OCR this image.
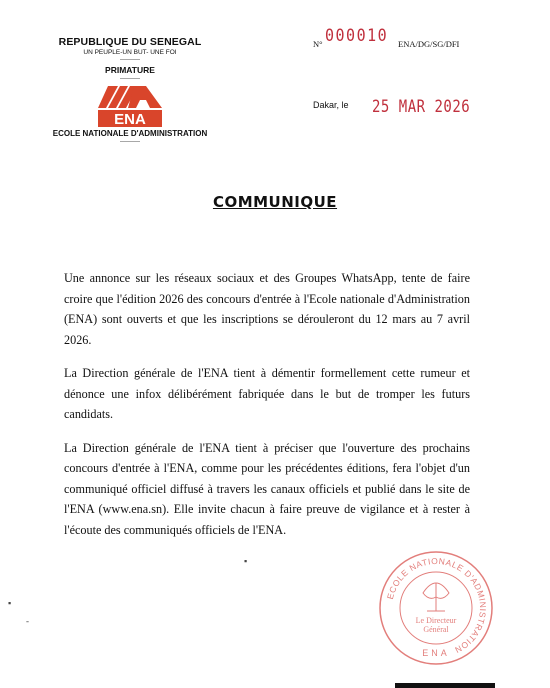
REPUBLIQUE DU SENEGAL
UN PEUPLE-UN BUT- UNE FOI
----------
PRIMATURE
----------
ENA
ECOLE NATIONALE D'ADMINISTRATION
----------
N° 000010 ENA/DG/SG/DFI
Dakar, le 25 MAR 2026
COMMUNIQUE

Une annonce sur les réseaux sociaux et des Groupes WhatsApp, tente de faire croire que l'édition 2026 des concours d'entrée à l'Ecole nationale d'Administration (ENA) sont ouverts et que les inscriptions se dérouleront du 12 mars au 7 avril 2026.

La Direction générale de l'ENA tient à démentir formellement cette rumeur et dénonce une infox délibérément fabriquée dans le but de tromper les futurs candidats.

La Direction générale de l'ENA tient à préciser que l'ouverture des prochains concours d'entrée à l'ENA, comme pour les précédentes éditions, fera l'objet d'un communiqué officiel diffusé à travers les canaux officiels et publié dans le site de l'ENA (www.ena.sn). Elle invite chacun à faire preuve de vigilance et à rester à l'écoute des communiqués officiels de l'ENA.

▪
▪
-
ECOLE NATIONALE D'ADMINISTRATION
Le Directeur
Général
ENA
